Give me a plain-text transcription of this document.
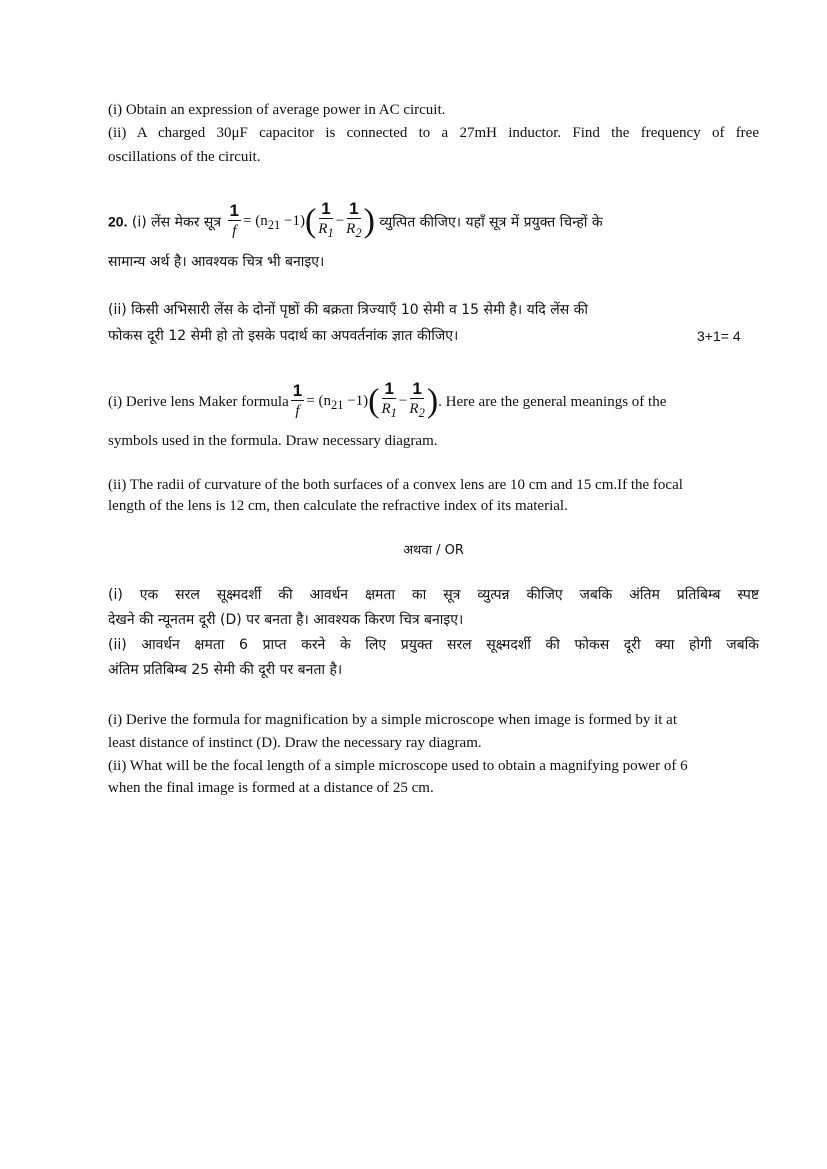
(i) Obtain an expression of average power in AC circuit.
(ii) A charged 30μF capacitor is connected to a 27mH inductor. Find the frequency of free
oscillations of the circuit.
20. (i) लेंस मेकर सूत्र $\frac{1}{f} = (n_{21} -1)( \frac{1}{R_1} - \frac{1}{R_2}$ ) व्युत्पित कीजिए। यहाँ सूत्र में प्रयुक्त चिन्हों के
सामान्य अर्थ है। आवश्यक चित्र भी बनाइए।
(ii) किसी अभिसारी लेंस के दोनों पृष्ठों की बक्रता त्रिज्याएँ 10 सेमी व 15 सेमी है। यदि लेंस की
फोकस दूरी 12 सेमी हो तो इसके पदार्थ का अपवर्तनांक ज्ञात कीजिए।	3+1= 4
(i) Derive lens Maker formula $\frac{1}{f} = (n_{21} -1)( \frac{1}{R_1} - \frac{1}{R_2}$ ). Here are the general meanings of the
symbols used in the formula. Draw necessary diagram.
(ii) The radii of curvature of the both surfaces of a convex lens are 10 cm and 15 cm.If the focal
length of the lens is 12 cm, then calculate the refractive index of its material.
अथवा / OR
(i) एक सरल सूक्ष्मदर्शी की आवर्धन क्षमता का सूत्र व्युत्पन्न कीजिए जबकि अंतिम प्रतिबिम्ब स्पष्ट
देखने की न्यूनतम दूरी (D) पर बनता है। आवश्यक किरण चित्र बनाइए।
(ii) आवर्धन क्षमता 6 प्राप्त करने के लिए प्रयुक्त सरल सूक्ष्मदर्शी की फोकस दूरी क्या होगी जबकि
अंतिम प्रतिबिम्ब 25 सेमी की दूरी पर बनता है।
(i) Derive the formula for magnification by a simple microscope when image is formed by it at
least distance of instinct (D). Draw the necessary ray diagram.
(ii) What will be the focal length of a simple microscope used to obtain a magnifying power of 6
when the final image is formed at a distance of 25 cm.
